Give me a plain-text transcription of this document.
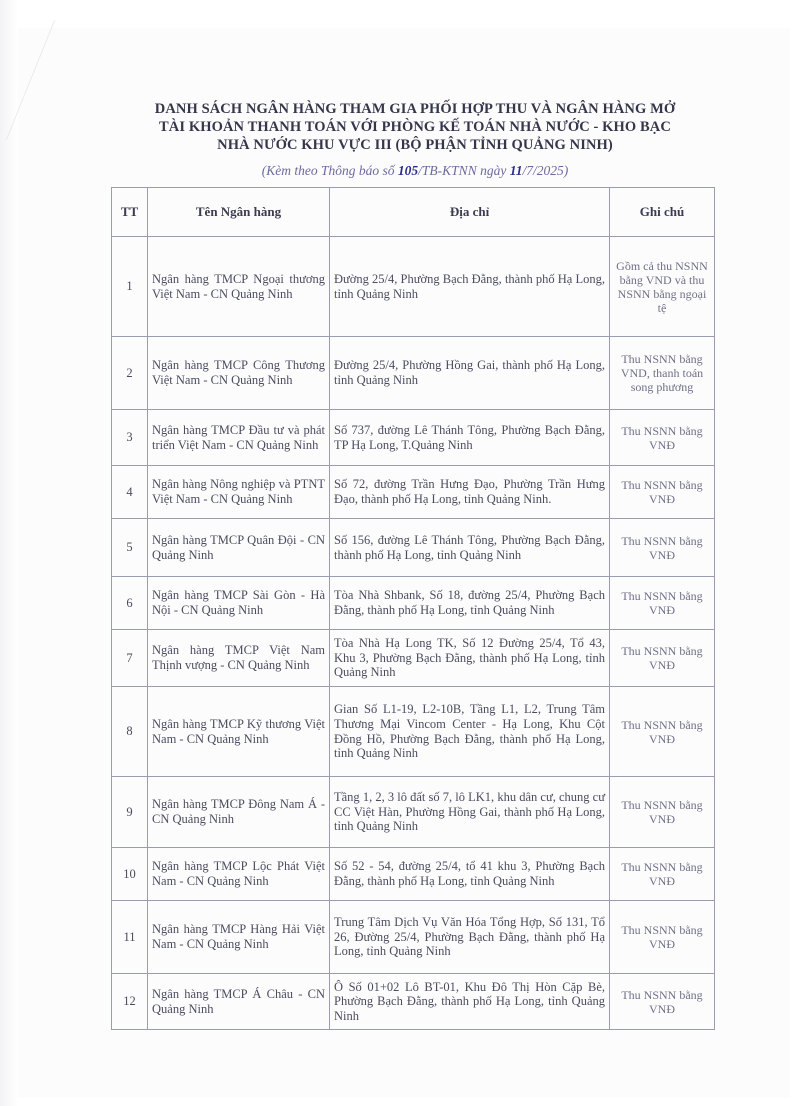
DANH SÁCH NGÂN HÀNG THAM GIA PHỐI HỢP THU VÀ NGÂN HÀNG MỞ
TÀI KHOẢN THANH TOÁN VỚI PHÒNG KẾ TOÁN NHÀ NƯỚC - KHO BẠC
NHÀ NƯỚC KHU VỰC III (BỘ PHẬN TỈNH QUẢNG NINH)
(Kèm theo Thông báo số 105/TB-KTNN ngày 11/7/2025)
TT	Tên Ngân hàng	Địa chỉ	Ghi chú
1	Ngân hàng TMCP Ngoại thương Việt Nam - CN Quảng Ninh	Đường 25/4, Phường Bạch Đằng, thành phố Hạ Long, tỉnh Quảng Ninh	Gồm cả thu NSNN bằng VND và thu NSNN bằng ngoại tệ
2	Ngân hàng TMCP Công Thương Việt Nam - CN Quảng Ninh	Đường 25/4, Phường Hồng Gai, thành phố Hạ Long, tỉnh Quảng Ninh	Thu NSNN bằng VND, thanh toán song phương
3	Ngân hàng TMCP Đầu tư và phát triển Việt Nam - CN Quảng Ninh	Số 737, đường Lê Thánh Tông, Phường Bạch Đằng, TP Hạ Long, T.Quảng Ninh	Thu NSNN bằng VNĐ
4	Ngân hàng Nông nghiệp và PTNT Việt Nam - CN Quảng Ninh	Số 72, đường Trần Hưng Đạo, Phường Trần Hưng Đạo, thành phố Hạ Long, tỉnh Quảng Ninh.	Thu NSNN bằng VNĐ
5	Ngân hàng TMCP Quân Đội - CN Quảng Ninh	Số 156, đường Lê Thánh Tông, Phường Bạch Đằng, thành phố Hạ Long, tỉnh Quảng Ninh	Thu NSNN bằng VNĐ
6	Ngân hàng TMCP Sài Gòn - Hà Nội - CN Quảng Ninh	Tòa Nhà Shbank, Số 18, đường 25/4, Phường Bạch Đằng, thành phố Hạ Long, tỉnh Quảng Ninh	Thu NSNN bằng VNĐ
7	Ngân hàng TMCP Việt Nam Thịnh vượng - CN Quảng Ninh	Tòa Nhà Hạ Long TK, Số 12 Đường 25/4, Tổ 43, Khu 3, Phường Bạch Đằng, thành phố Hạ Long, tỉnh Quảng Ninh	Thu NSNN bằng VNĐ
8	Ngân hàng TMCP Kỹ thương Việt Nam - CN Quảng Ninh	Gian Số L1-19, L2-10B, Tầng L1, L2, Trung Tâm Thương Mại Vincom Center - Hạ Long, Khu Cột Đồng Hồ, Phường Bạch Đằng, thành phố Hạ Long, tỉnh Quảng Ninh	Thu NSNN bằng VNĐ
9	Ngân hàng TMCP Đông Nam Á - CN Quảng Ninh	Tầng 1, 2, 3 lô đất số 7, lô LK1, khu dân cư, chung cư CC Việt Hàn, Phường Hồng Gai, thành phố Hạ Long, tỉnh Quảng Ninh	Thu NSNN bằng VNĐ
10	Ngân hàng TMCP Lộc Phát Việt Nam - CN Quảng Ninh	Số 52 - 54, đường 25/4, tổ 41 khu 3, Phường Bạch Đằng, thành phố Hạ Long, tỉnh Quảng Ninh	Thu NSNN bằng VNĐ
11	Ngân hàng TMCP Hàng Hải Việt Nam - CN Quảng Ninh	Trung Tâm Dịch Vụ Văn Hóa Tổng Hợp, Số 131, Tổ 26, Đường 25/4, Phường Bạch Đằng, thành phố Hạ Long, tỉnh Quảng Ninh	Thu NSNN bằng VNĐ
12	Ngân hàng TMCP Á Châu - CN Quảng Ninh	Ô Số 01+02 Lô BT-01, Khu Đô Thị Hòn Cặp Bè, Phường Bạch Đằng, thành phố Hạ Long, tỉnh Quảng Ninh	Thu NSNN bằng VNĐ
